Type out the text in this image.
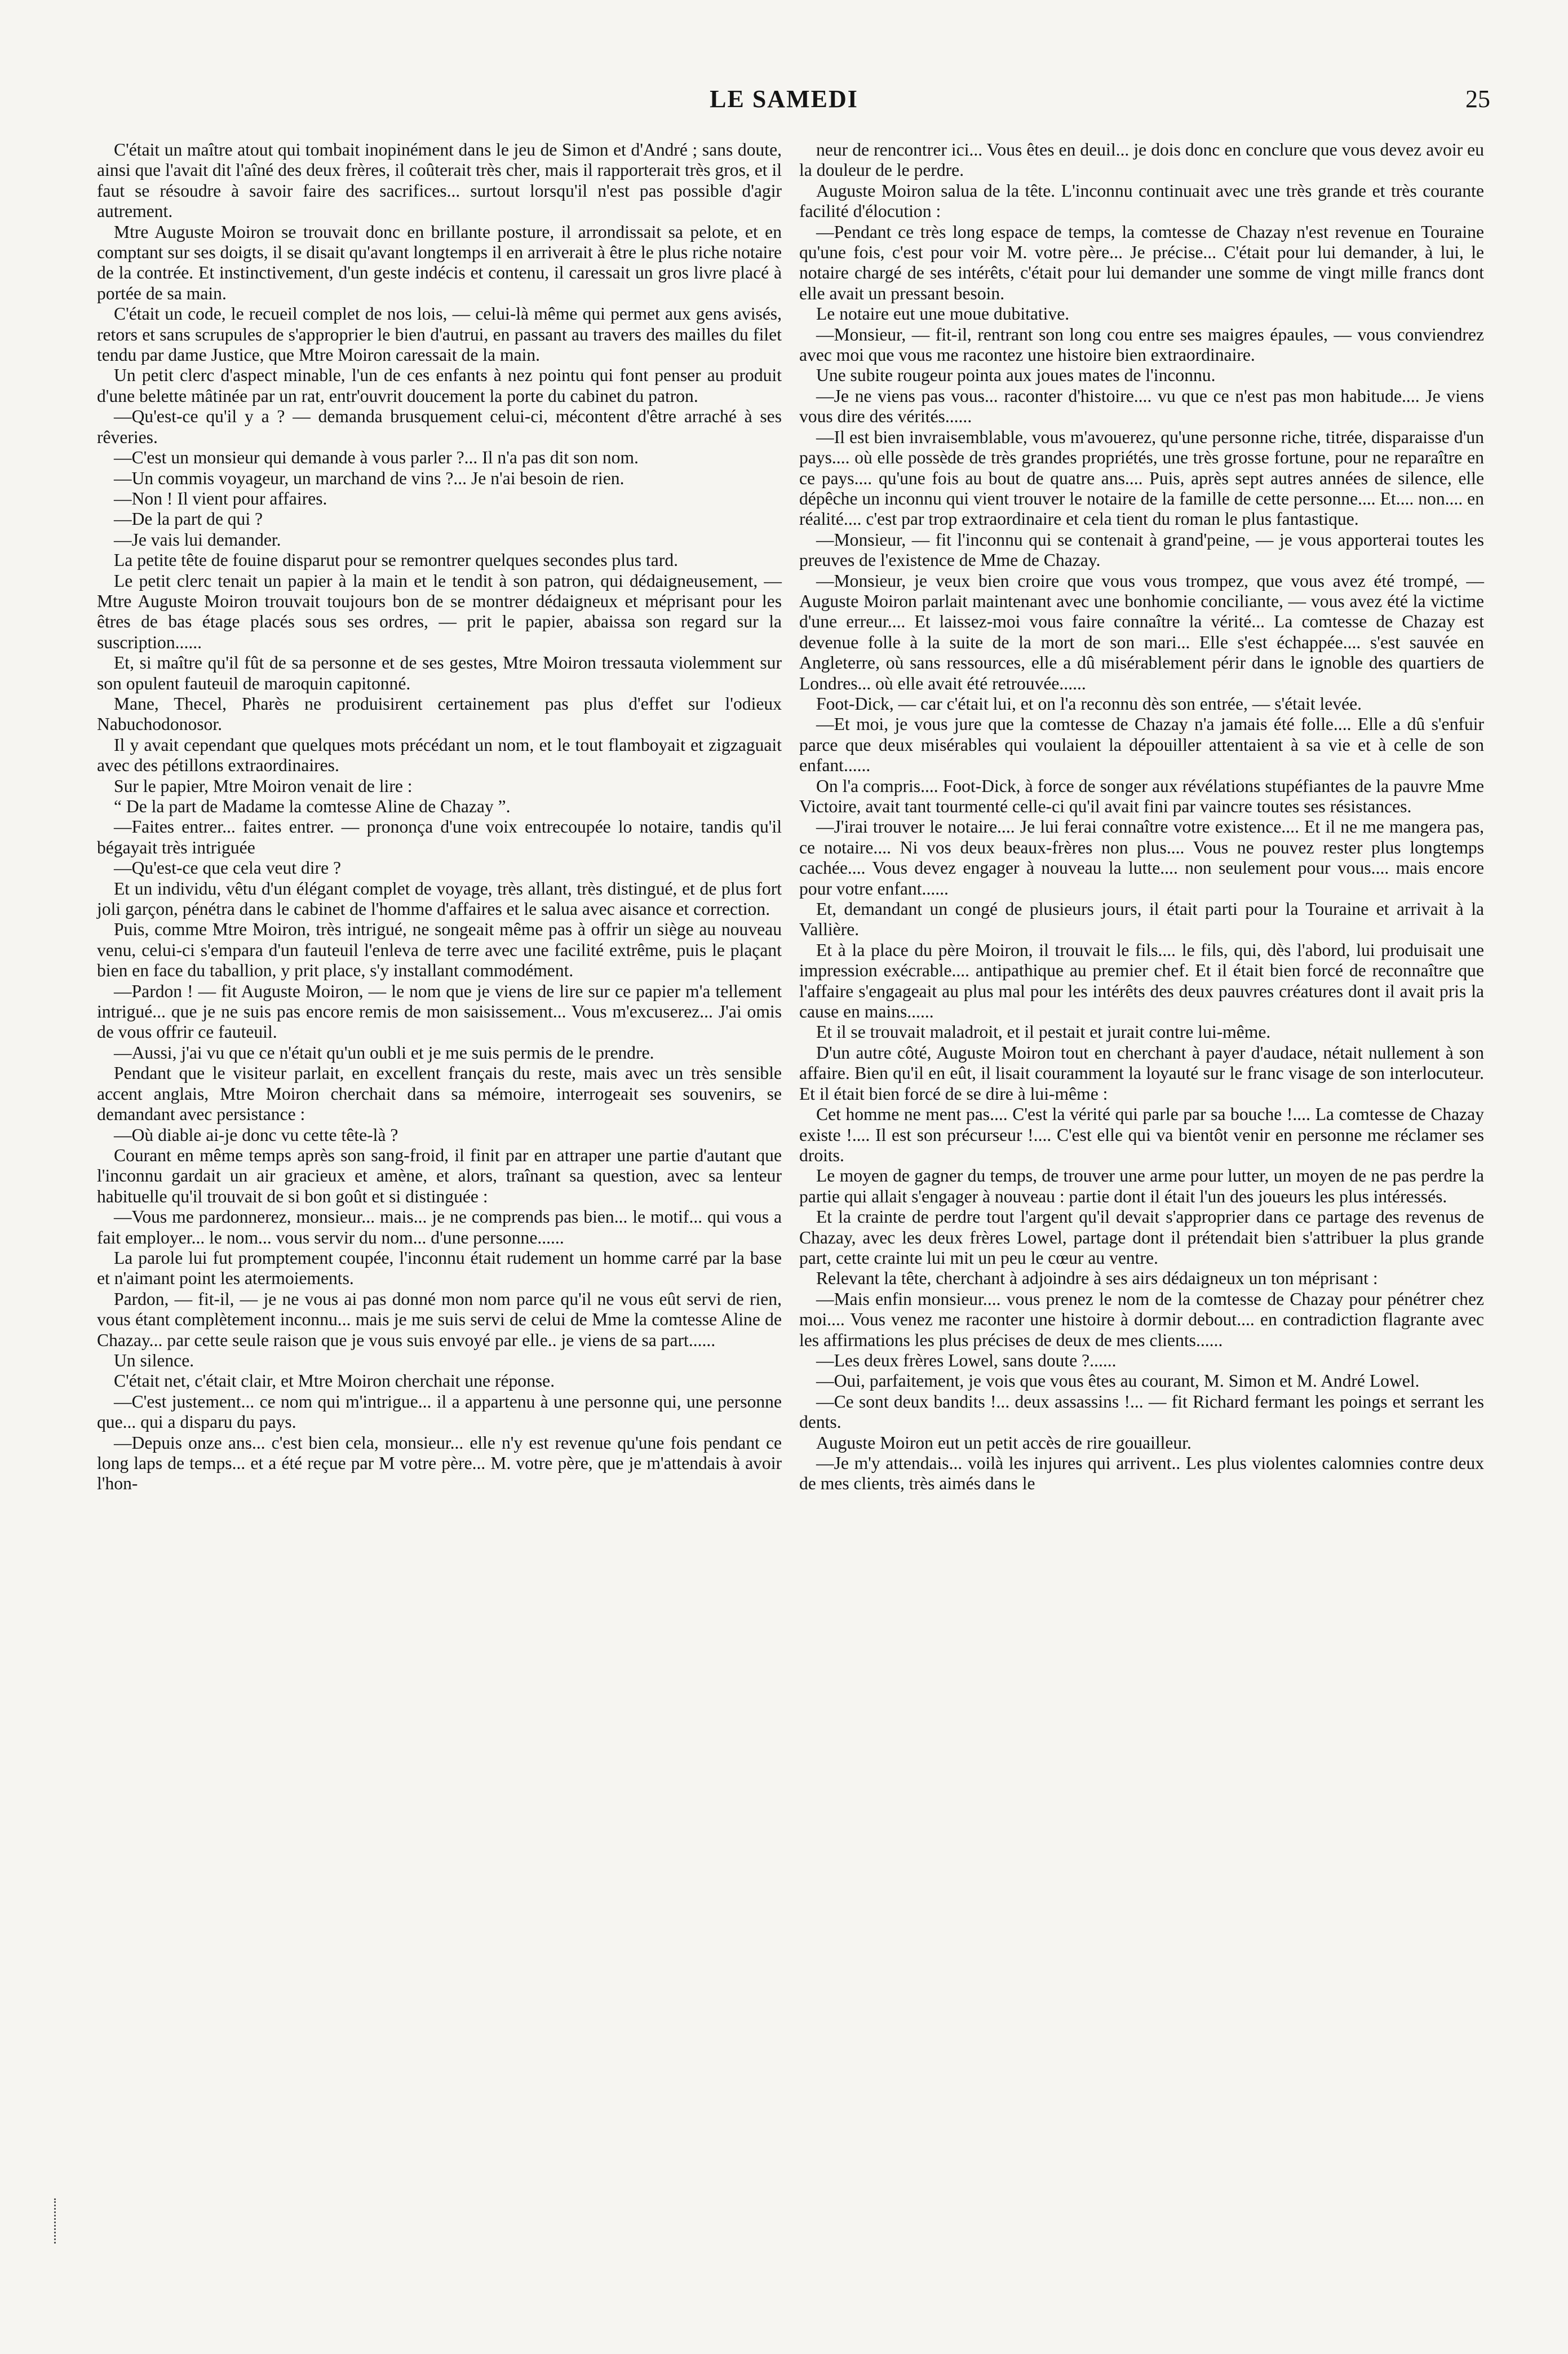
LE SAMEDI	25

C'était un maître atout qui tombait inopinément dans le jeu de Simon et d'André ; sans doute, ainsi que l'avait dit l'aîné des deux frères, il coûterait très cher, mais il rapporterait très gros, et il faut se résoudre à savoir faire des sacrifices... surtout lorsqu'il n'est pas possible d'agir autrement.

Mtre Auguste Moiron se trouvait donc en brillante posture, il arrondissait sa pelote, et en comptant sur ses doigts, il se disait qu'avant longtemps il en arriverait à être le plus riche notaire de la contrée. Et instinctivement, d'un geste indécis et contenu, il caressait un gros livre placé à portée de sa main.

C'était un code, le recueil complet de nos lois, — celui-là même qui permet aux gens avisés, retors et sans scrupules de s'approprier le bien d'autrui, en passant au travers des mailles du filet tendu par dame Justice, que Mtre Moiron caressait de la main.

Un petit clerc d'aspect minable, l'un de ces enfants à nez pointu qui font penser au produit d'une belette mâtinée par un rat, entr'ouvrit doucement la porte du cabinet du patron.

—Qu'est-ce qu'il y a ? — demanda brusquement celui-ci, mécontent d'être arraché à ses rêveries.

—C'est un monsieur qui demande à vous parler ?... Il n'a pas dit son nom.

—Un commis voyageur, un marchand de vins ?... Je n'ai besoin de rien.

—Non ! Il vient pour affaires.

—De la part de qui ?

—Je vais lui demander.

La petite tête de fouine disparut pour se remontrer quelques secondes plus tard.

Le petit clerc tenait un papier à la main et le tendit à son patron, qui dédaigneusement, — Mtre Auguste Moiron trouvait toujours bon de se montrer dédaigneux et méprisant pour les êtres de bas étage placés sous ses ordres, — prit le papier, abaissa son regard sur la suscription......

Et, si maître qu'il fût de sa personne et de ses gestes, Mtre Moiron tressauta violemment sur son opulent fauteuil de maroquin capitonné.

Mane, Thecel, Pharès ne produisirent certainement pas plus d'effet sur l'odieux Nabuchodonosor.

Il y avait cependant que quelques mots précédant un nom, et le tout flamboyait et zigzaguait avec des pétillons extraordinaires.

Sur le papier, Mtre Moiron venait de lire :

“ De la part de Madame la comtesse Aline de Chazay ”.

—Faites entrer... faites entrer. — prononça d'une voix entrecoupée lo notaire, tandis qu'il bégayait très intriguée

—Qu'est-ce que cela veut dire ?

Et un individu, vêtu d'un élégant complet de voyage, très allant, très distingué, et de plus fort joli garçon, pénétra dans le cabinet de l'homme d'affaires et le salua avec aisance et correction.

Puis, comme Mtre Moiron, très intrigué, ne songeait même pas à offrir un siège au nouveau venu, celui-ci s'empara d'un fauteuil l'enleva de terre avec une facilité extrême, puis le plaçant bien en face du taballion, y prit place, s'y installant commodément.

—Pardon ! — fit Auguste Moiron, — le nom que je viens de lire sur ce papier m'a tellement intrigué... que je ne suis pas encore remis de mon saisissement... Vous m'excuserez... J'ai omis de vous offrir ce fauteuil.

—Aussi, j'ai vu que ce n'était qu'un oubli et je me suis permis de le prendre.

Pendant que le visiteur parlait, en excellent français du reste, mais avec un très sensible accent anglais, Mtre Moiron cherchait dans sa mémoire, interrogeait ses souvenirs, se demandant avec persistance :

—Où diable ai-je donc vu cette tête-là ?

Courant en même temps après son sang-froid, il finit par en attraper une partie d'autant que l'inconnu gardait un air gracieux et amène, et alors, traînant sa question, avec sa lenteur habituelle qu'il trouvait de si bon goût et si distinguée :

—Vous me pardonnerez, monsieur... mais... je ne comprends pas bien... le motif... qui vous a fait employer... le nom... vous servir du nom... d'une personne......

La parole lui fut promptement coupée, l'inconnu était rudement un homme carré par la base et n'aimant point les atermoiements.

Pardon, — fit-il, — je ne vous ai pas donné mon nom parce qu'il ne vous eût servi de rien, vous étant complètement inconnu... mais je me suis servi de celui de Mme la comtesse Aline de Chazay... par cette seule raison que je vous suis envoyé par elle.. je viens de sa part......

Un silence.

C'était net, c'était clair, et Mtre Moiron cherchait une réponse.

—C'est justement... ce nom qui m'intrigue... il a appartenu à une personne qui, une personne que... qui a disparu du pays.

—Depuis onze ans... c'est bien cela, monsieur... elle n'y est revenue qu'une fois pendant ce long laps de temps... et a été reçue par M votre père... M. votre père, que je m'attendais à avoir l'hon-

neur de rencontrer ici... Vous êtes en deuil... je dois donc en conclure que vous devez avoir eu la douleur de le perdre.

Auguste Moiron salua de la tête. L'inconnu continuait avec une très grande et très courante facilité d'élocution :

—Pendant ce très long espace de temps, la comtesse de Chazay n'est revenue en Touraine qu'une fois, c'est pour voir M. votre père... Je précise... C'était pour lui demander, à lui, le notaire chargé de ses intérêts, c'était pour lui demander une somme de vingt mille francs dont elle avait un pressant besoin.

Le notaire eut une moue dubitative.

—Monsieur, — fit-il, rentrant son long cou entre ses maigres épaules, — vous conviendrez avec moi que vous me racontez une histoire bien extraordinaire.

Une subite rougeur pointa aux joues mates de l'inconnu.

—Je ne viens pas vous... raconter d'histoire.... vu que ce n'est pas mon habitude.... Je viens vous dire des vérités......

—Il est bien invraisemblable, vous m'avouerez, qu'une personne riche, titrée, disparaisse d'un pays.... où elle possède de très grandes propriétés, une très grosse fortune, pour ne reparaître en ce pays.... qu'une fois au bout de quatre ans.... Puis, après sept autres années de silence, elle dépêche un inconnu qui vient trouver le notaire de la famille de cette personne.... Et.... non.... en réalité.... c'est par trop extraordinaire et cela tient du roman le plus fantastique.

—Monsieur, — fit l'inconnu qui se contenait à grand'peine, — je vous apporterai toutes les preuves de l'existence de Mme de Chazay.

—Monsieur, je veux bien croire que vous vous trompez, que vous avez été trompé, — Auguste Moiron parlait maintenant avec une bonhomie conciliante, — vous avez été la victime d'une erreur.... Et laissez-moi vous faire connaître la vérité... La comtesse de Chazay est devenue folle à la suite de la mort de son mari... Elle s'est échappée.... s'est sauvée en Angleterre, où sans ressources, elle a dû misérablement périr dans le ignoble des quartiers de Londres... où elle avait été retrouvée......

Foot-Dick, — car c'était lui, et on l'a reconnu dès son entrée, — s'était levée.

—Et moi, je vous jure que la comtesse de Chazay n'a jamais été folle.... Elle a dû s'enfuir parce que deux misérables qui voulaient la dépouiller attentaient à sa vie et à celle de son enfant......

On l'a compris.... Foot-Dick, à force de songer aux révélations stupéfiantes de la pauvre Mme Victoire, avait tant tourmenté celle-ci qu'il avait fini par vaincre toutes ses résistances.

—J'irai trouver le notaire.... Je lui ferai connaître votre existence.... Et il ne me mangera pas, ce notaire.... Ni vos deux beaux-frères non plus.... Vous ne pouvez rester plus longtemps cachée.... Vous devez engager à nouveau la lutte.... non seulement pour vous.... mais encore pour votre enfant......

Et, demandant un congé de plusieurs jours, il était parti pour la Touraine et arrivait à la Vallière.

Et à la place du père Moiron, il trouvait le fils.... le fils, qui, dès l'abord, lui produisait une impression exécrable.... antipathique au premier chef. Et il était bien forcé de reconnaître que l'affaire s'engageait au plus mal pour les intérêts des deux pauvres créatures dont il avait pris la cause en mains......

Et il se trouvait maladroit, et il pestait et jurait contre lui-même.

D'un autre côté, Auguste Moiron tout en cherchant à payer d'audace, nétait nullement à son affaire. Bien qu'il en eût, il lisait couramment la loyauté sur le franc visage de son interlocuteur. Et il était bien forcé de se dire à lui-même :

Cet homme ne ment pas.... C'est la vérité qui parle par sa bouche !.... La comtesse de Chazay existe !.... Il est son précurseur !.... C'est elle qui va bientôt venir en personne me réclamer ses droits.

Le moyen de gagner du temps, de trouver une arme pour lutter, un moyen de ne pas perdre la partie qui allait s'engager à nouveau : partie dont il était l'un des joueurs les plus intéressés.

Et la crainte de perdre tout l'argent qu'il devait s'approprier dans ce partage des revenus de Chazay, avec les deux frères Lowel, partage dont il prétendait bien s'attribuer la plus grande part, cette crainte lui mit un peu le cœur au ventre.

Relevant la tête, cherchant à adjoindre à ses airs dédaigneux un ton méprisant :

—Mais enfin monsieur.... vous prenez le nom de la comtesse de Chazay pour pénétrer chez moi.... Vous venez me raconter une histoire à dormir debout.... en contradiction flagrante avec les affirmations les plus précises de deux de mes clients......

—Les deux frères Lowel, sans doute ?......

—Oui, parfaitement, je vois que vous êtes au courant, M. Simon et M. André Lowel.

—Ce sont deux bandits !... deux assassins !... — fit Richard fermant les poings et serrant les dents.

Auguste Moiron eut un petit accès de rire gouailleur.

—Je m'y attendais... voilà les injures qui arrivent.. Les plus violentes calomnies contre deux de mes clients, très aimés dans le
